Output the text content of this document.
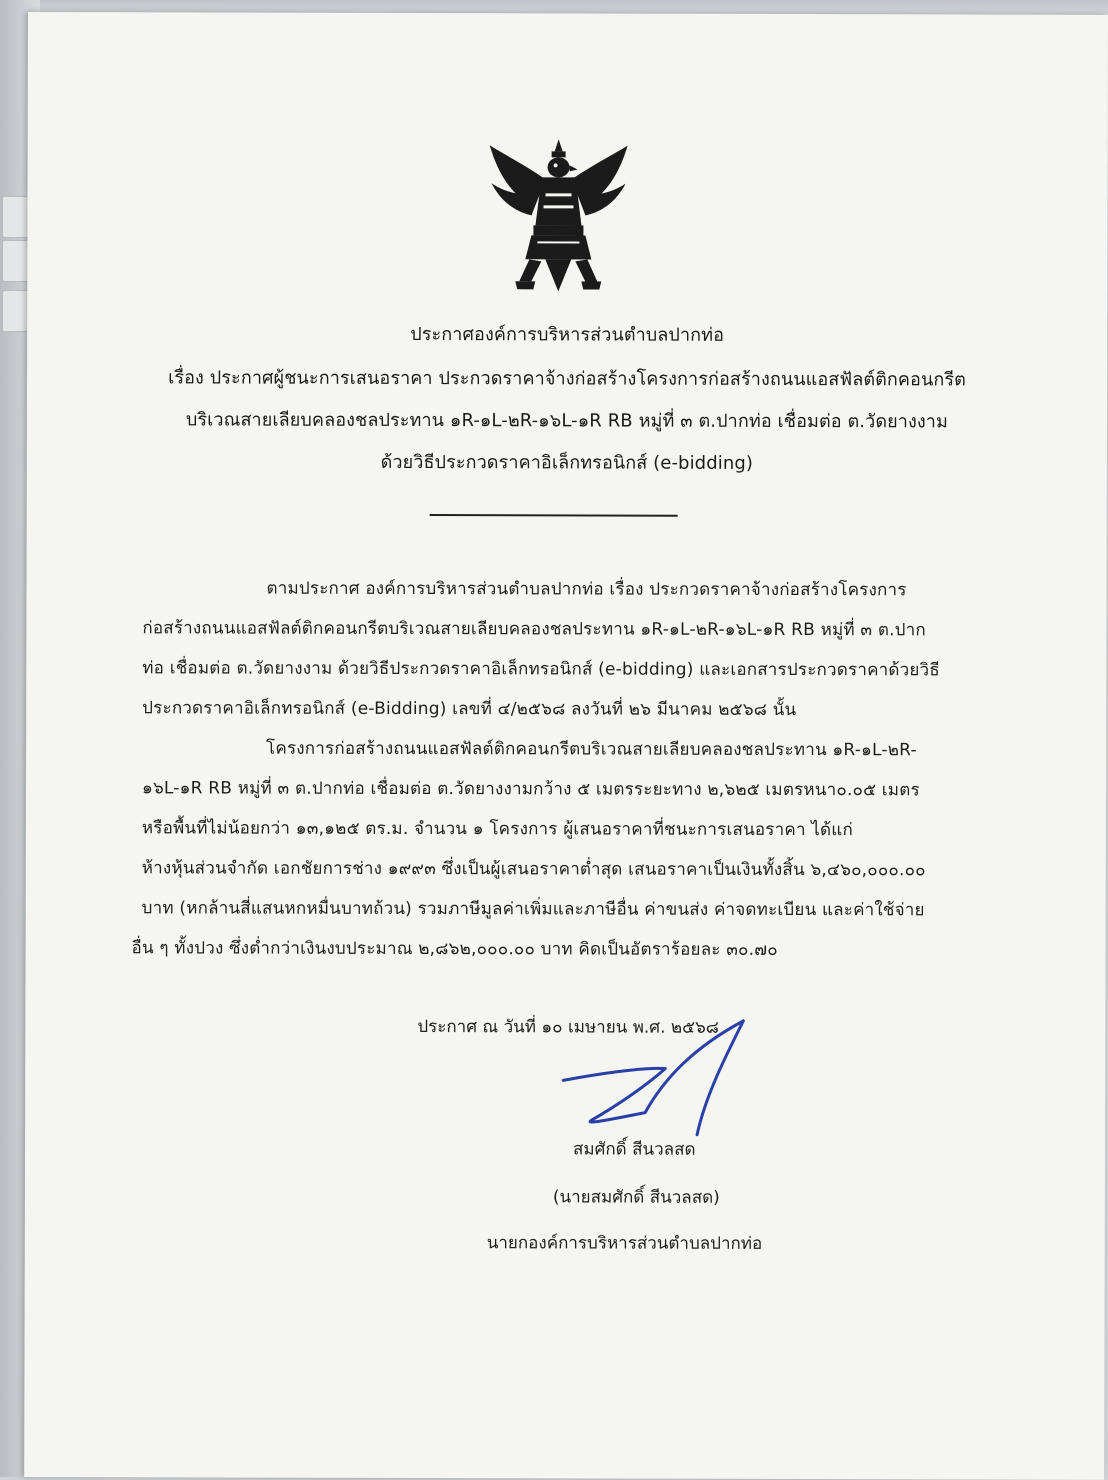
ประกาศองค์การบริหารส่วนตำบลปากท่อ
เรื่อง ประกาศผู้ชนะการเสนอราคา ประกวดราคาจ้างก่อสร้างโครงการก่อสร้างถนนแอสฟัลต์ติกคอนกรีต
บริเวณสายเลียบคลองชลประทาน ๑R-๑L-๒R-๑๖L-๑R RB หมู่ที่ ๓ ต.ปากท่อ เชื่อมต่อ ต.วัดยางงาม
ด้วยวิธีประกวดราคาอิเล็กทรอนิกส์ (e-bidding)
ตามประกาศ องค์การบริหารส่วนตำบลปากท่อ เรื่อง ประกวดราคาจ้างก่อสร้างโครงการ
ก่อสร้างถนนแอสฟัลต์ติกคอนกรีตบริเวณสายเลียบคลองชลประทาน ๑R-๑L-๒R-๑๖L-๑R RB หมู่ที่ ๓ ต.ปาก
ท่อ เชื่อมต่อ ต.วัดยางงาม ด้วยวิธีประกวดราคาอิเล็กทรอนิกส์ (e-bidding) และเอกสารประกวดราคาด้วยวิธี
ประกวดราคาอิเล็กทรอนิกส์ (e-Bidding) เลขที่ ๔/๒๕๖๘ ลงวันที่ ๒๖ มีนาคม ๒๕๖๘ นั้น
โครงการก่อสร้างถนนแอสฟัลต์ติกคอนกรีตบริเวณสายเลียบคลองชลประทาน ๑R-๑L-๒R-
๑๖L-๑R RB หมู่ที่ ๓ ต.ปากท่อ เชื่อมต่อ ต.วัดยางงามกว้าง ๕ เมตรระยะทาง ๒,๖๒๕ เมตรหนา๐.๐๕ เมตร
หรือพื้นที่ไม่น้อยกว่า ๑๓,๑๒๕ ตร.ม. จำนวน ๑ โครงการ ผู้เสนอราคาที่ชนะการเสนอราคา ได้แก่
ห้างหุ้นส่วนจำกัด เอกชัยการช่าง ๑๙๙๓ ซึ่งเป็นผู้เสนอราคาต่ำสุด เสนอราคาเป็นเงินทั้งสิ้น ๖,๔๖๐,๐๐๐.๐๐
บาท (หกล้านสี่แสนหกหมื่นบาทถ้วน) รวมภาษีมูลค่าเพิ่มและภาษีอื่น ค่าขนส่ง ค่าจดทะเบียน และค่าใช้จ่าย
อื่น ๆ ทั้งปวง ซึ่งต่ำกว่าเงินงบประมาณ ๒,๘๖๒,๐๐๐.๐๐ บาท คิดเป็นอัตราร้อยละ ๓๐.๗๐
ประกาศ ณ วันที่ ๑๐ เมษายน พ.ศ. ๒๕๖๘
สมศักดิ์ สีนวลสด
(นายสมศักดิ์ สีนวลสด)
นายกองค์การบริหารส่วนตำบลปากท่อ
